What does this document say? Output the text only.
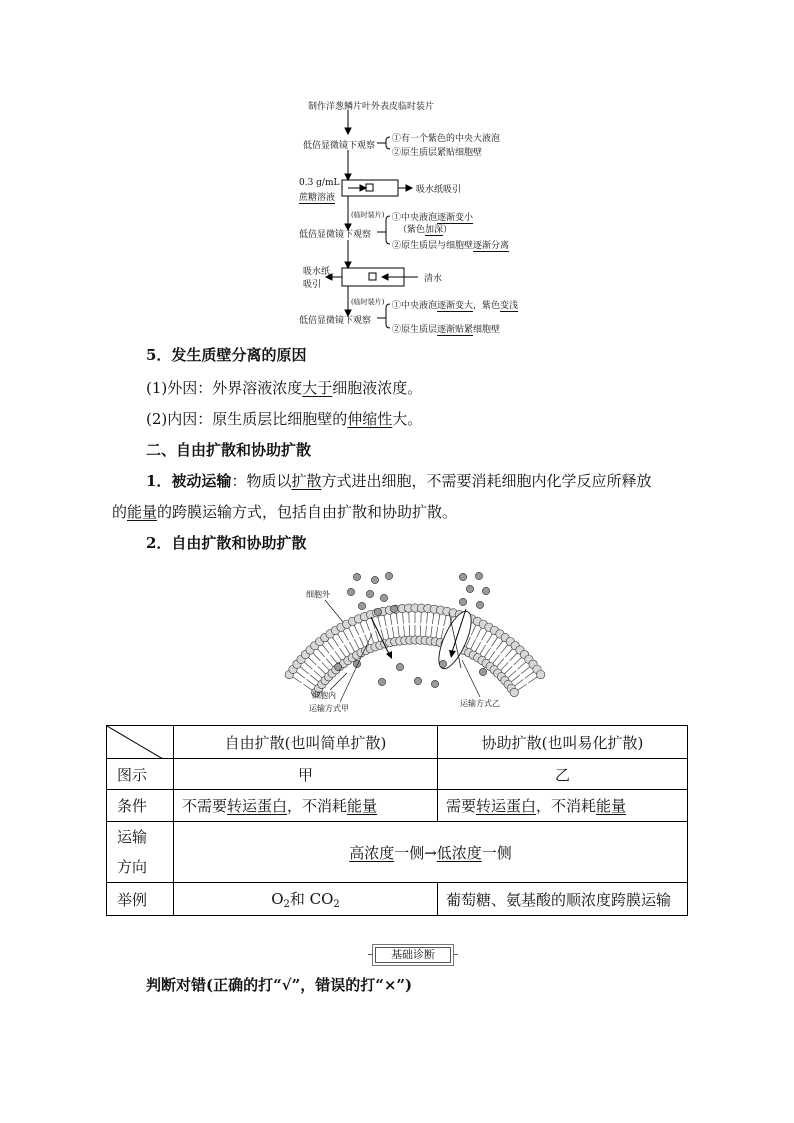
制作洋葱鳞片叶外表皮临时装片
低倍显微镜下观察
①有一个紫色的中央大液泡
②原生质层紧贴细胞壁
0.3 g/mL
蔗糖溶液
吸水纸吸引
(临时装片)
低倍显微镜下观察
①中央液泡逐渐变小
（紫色加深）
②原生质层与细胞壁逐渐分离
吸水纸
吸引
清水
(临时装片)
低倍显微镜下观察
①中央液泡逐渐变大，紫色变浅
②原生质层逐渐贴紧细胞壁
5．发生质壁分离的原因
(1)外因：外界溶液浓度大于细胞液浓度。
(2)内因：原生质层比细胞壁的伸缩性大。
二、自由扩散和协助扩散
1．被动运输：物质以扩散方式进出细胞，不需要消耗细胞内化学反应所释放
的能量的跨膜运输方式，包括自由扩散和协助扩散。
2．自由扩散和协助扩散
细胞外
细胞内
运输方式甲
运输方式乙
	自由扩散(也叫简单扩散)	协助扩散(也叫易化扩散)
图示	甲	乙
条件	不需要转运蛋白，不消耗能量	需要转运蛋白，不消耗能量
运输
方向	高浓度一侧→低浓度一侧	
举例	$O_2$和 $CO_2$	葡萄糖、氨基酸的顺浓度跨膜运输
基础诊断
判断对错(正确的打“√”，错误的打“×”)
